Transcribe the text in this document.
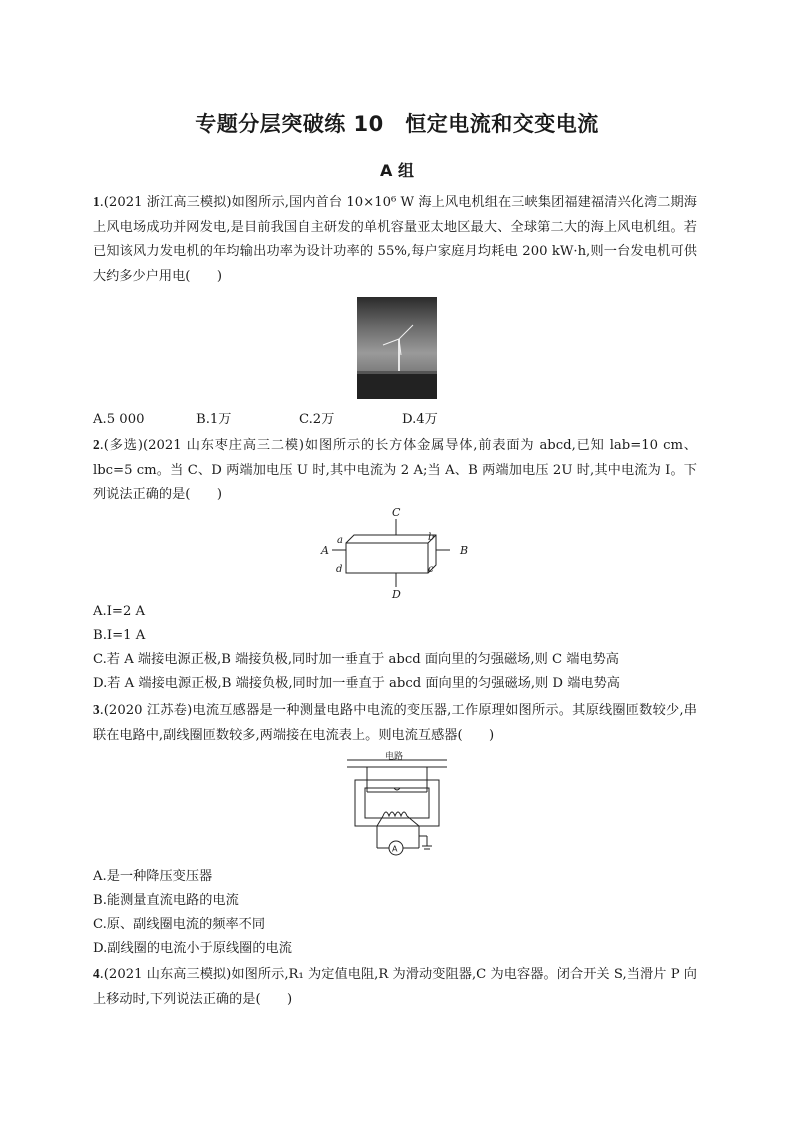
专题分层突破练 10　恒定电流和交变电流
A 组
1.(2021 浙江高三模拟)如图所示,国内首台 10×10⁶ W 海上风电机组在三峡集团福建福清兴化湾二期海上风电场成功并网发电,是目前我国自主研发的单机容量亚太地区最大、全球第二大的海上风电机组。若已知该风力发电机的年均输出功率为设计功率的 55%,每户家庭月均耗电 200 kW·h,则一台发电机可供大约多少户用电(　　)
A.5 000	B.1万	C.2万	D.4万
2.(多选)(2021 山东枣庄高三二模)如图所示的长方体金属导体,前表面为 abcd,已知 lab=10 cm、lbc=5 cm。当 C、D 两端加电压 U 时,其中电流为 2 A;当 A、B 两端加电压 2U 时,其中电流为 I。下列说法正确的是(　　)
C
D
A	B
a	b
c
d
A.I=2 A
B.I=1 A
C.若 A 端接电源正极,B 端接负极,同时加一垂直于 abcd 面向里的匀强磁场,则 C 端电势高
D.若 A 端接电源正极,B 端接负极,同时加一垂直于 abcd 面向里的匀强磁场,则 D 端电势高
3.(2020 江苏卷)电流互感器是一种测量电路中电流的变压器,工作原理如图所示。其原线圈匝数较少,串联在电路中,副线圈匝数较多,两端接在电流表上。则电流互感器(　　)
电路
A
A.是一种降压变压器
B.能测量直流电路的电流
C.原、副线圈电流的频率不同
D.副线圈的电流小于原线圈的电流
4.(2021 山东高三模拟)如图所示,R₁ 为定值电阻,R 为滑动变阻器,C 为电容器。闭合开关 S,当滑片 P 向上移动时,下列说法正确的是(　　)
